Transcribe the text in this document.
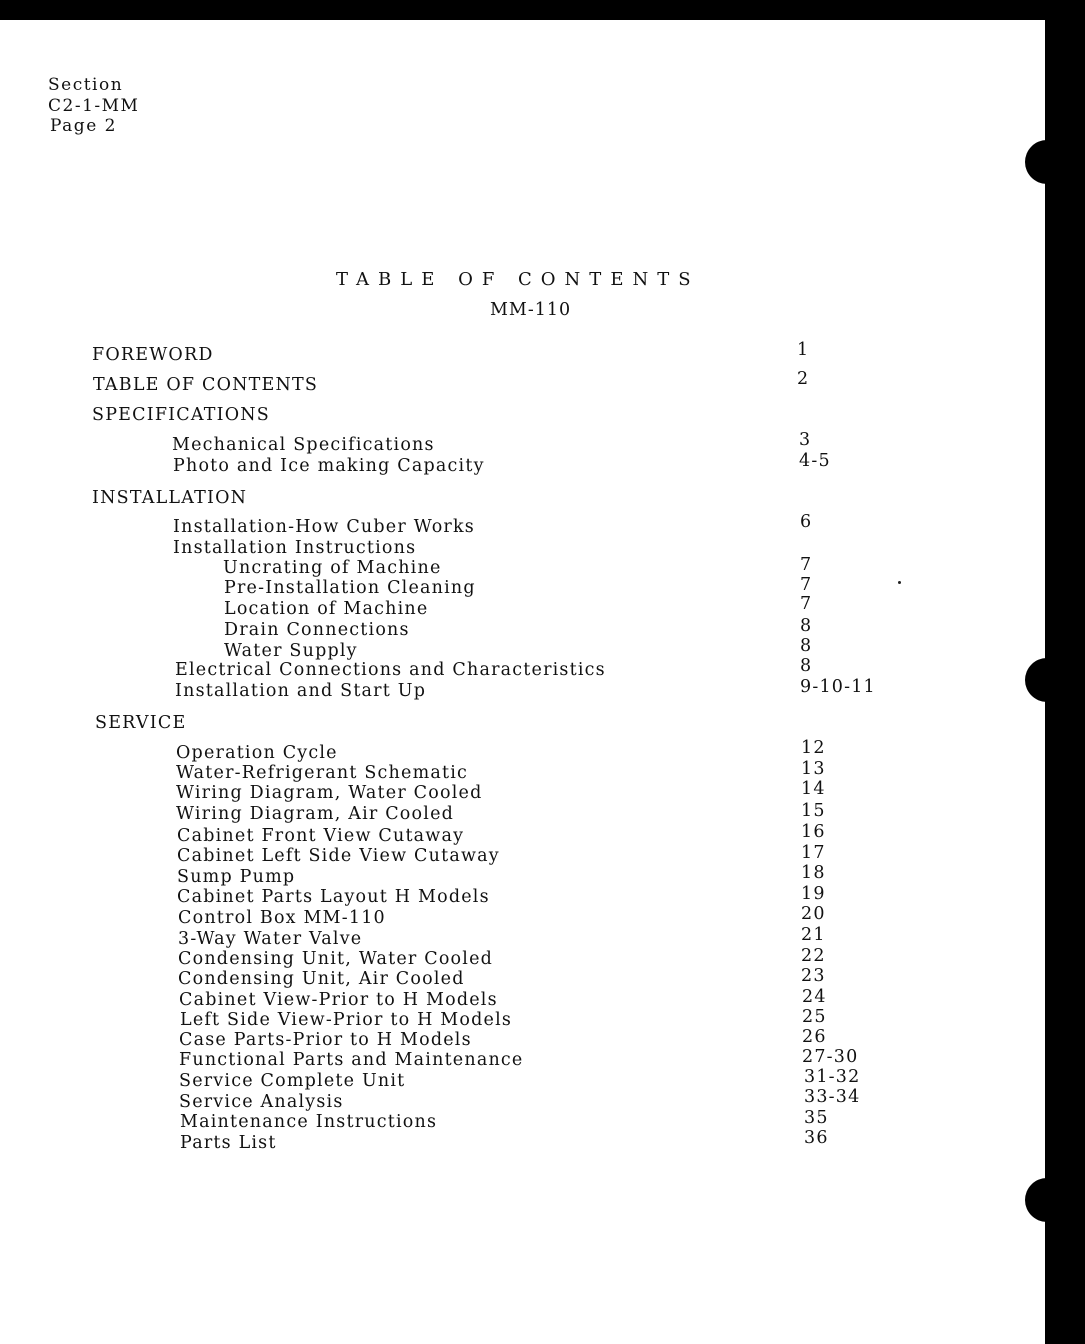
Section
C2-1-MM
Page 2
TABLE OF CONTENTS
MM-110
FOREWORD	1
TABLE OF CONTENTS	2
SPECIFICATIONS
Mechanical Specifications	3
Photo and Ice making Capacity	4-5
INSTALLATION
Installation-How Cuber Works	6
Installation Instructions
Uncrating of Machine	7
Pre-Installation Cleaning	7
Location of Machine	7
Drain Connections	8
Water Supply	8
Electrical Connections and Characteristics	8
Installation and Start Up	9-10-11
SERVICE
Operation Cycle	12
Water-Refrigerant Schematic	13
Wiring Diagram, Water Cooled	14
Wiring Diagram, Air Cooled	15
Cabinet Front View Cutaway	16
Cabinet Left Side View Cutaway	17
Sump Pump	18
Cabinet Parts Layout H Models	19
Control Box MM-110	20
3-Way Water Valve	21
Condensing Unit, Water Cooled	22
Condensing Unit, Air Cooled	23
Cabinet View-Prior to H Models	24
Left Side View-Prior to H Models	25
Case Parts-Prior to H Models	26
Functional Parts and Maintenance	27-30
Service Complete Unit	31-32
Service Analysis	33-34
Maintenance Instructions	35
Parts List	36
